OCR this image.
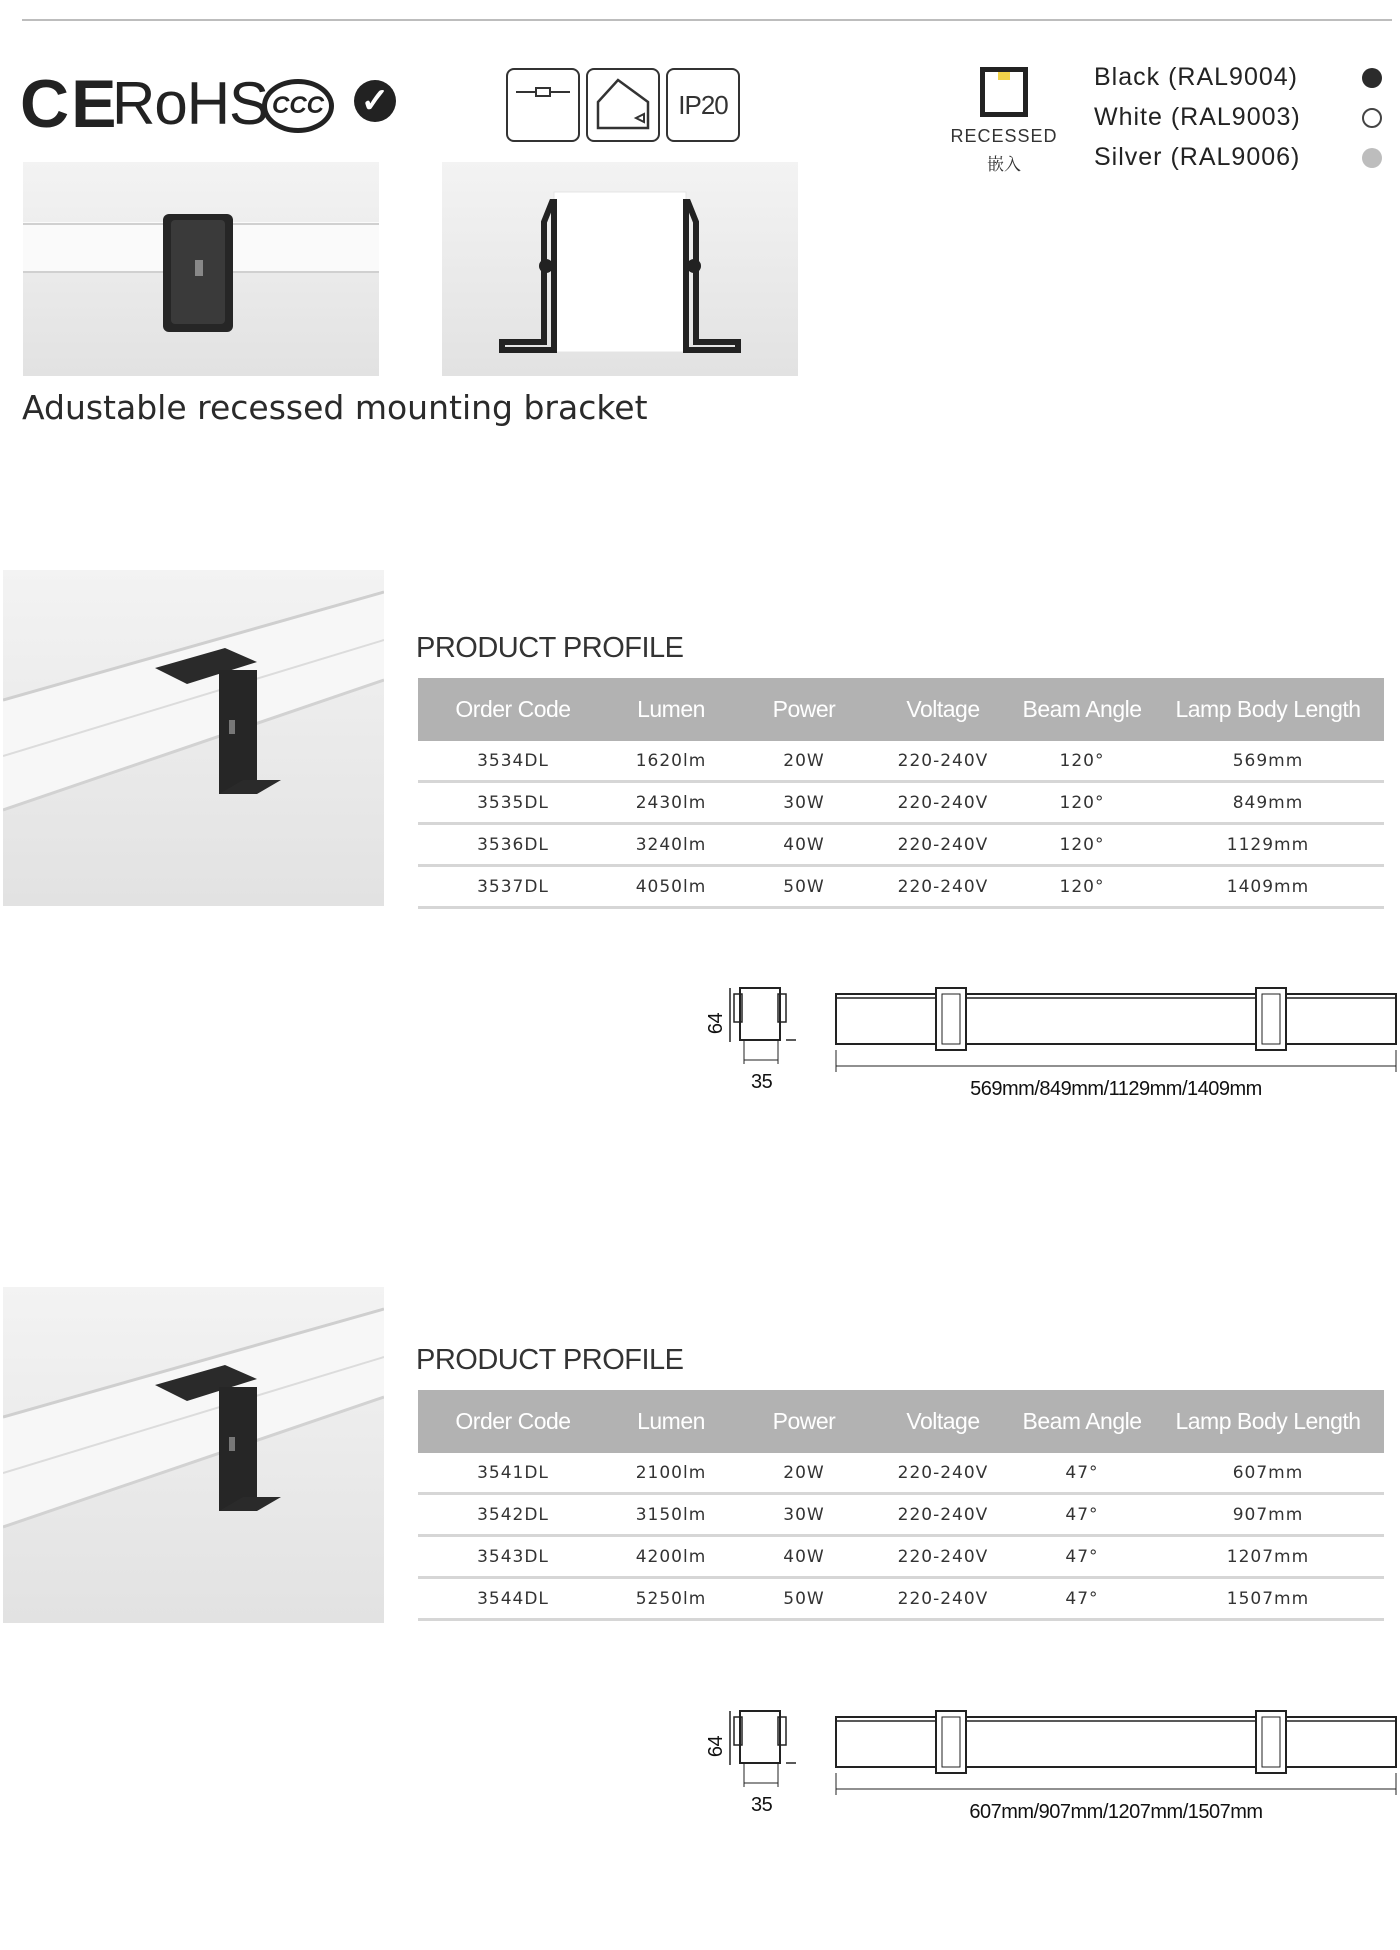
CE
RoHS CCC ✓	IP20
RECESSED
嵌入
Black (RAL9004)
White (RAL9003)
Silver (RAL9006)
Adustable recessed mounting bracket
PRODUCT PROFILE
Order Code	Lumen	Power	Voltage	Beam Angle	Lamp Body Length
3534DL	1620lm	20W	220-240V	120°	569mm
3535DL	2430lm	30W	220-240V	120°	849mm
3536DL	3240lm	40W	220-240V	120°	1129mm
3537DL	4050lm	50W	220-240V	120°	1409mm
64
35	569mm/849mm/1129mm/1409mm
PRODUCT PROFILE
Order Code	Lumen	Power	Voltage	Beam Angle	Lamp Body Length
3541DL	2100lm	20W	220-240V	47°	607mm
3542DL	3150lm	30W	220-240V	47°	907mm
3543DL	4200lm	40W	220-240V	47°	1207mm
3544DL	5250lm	50W	220-240V	47°	1507mm
64
35	607mm/907mm/1207mm/1507mm
